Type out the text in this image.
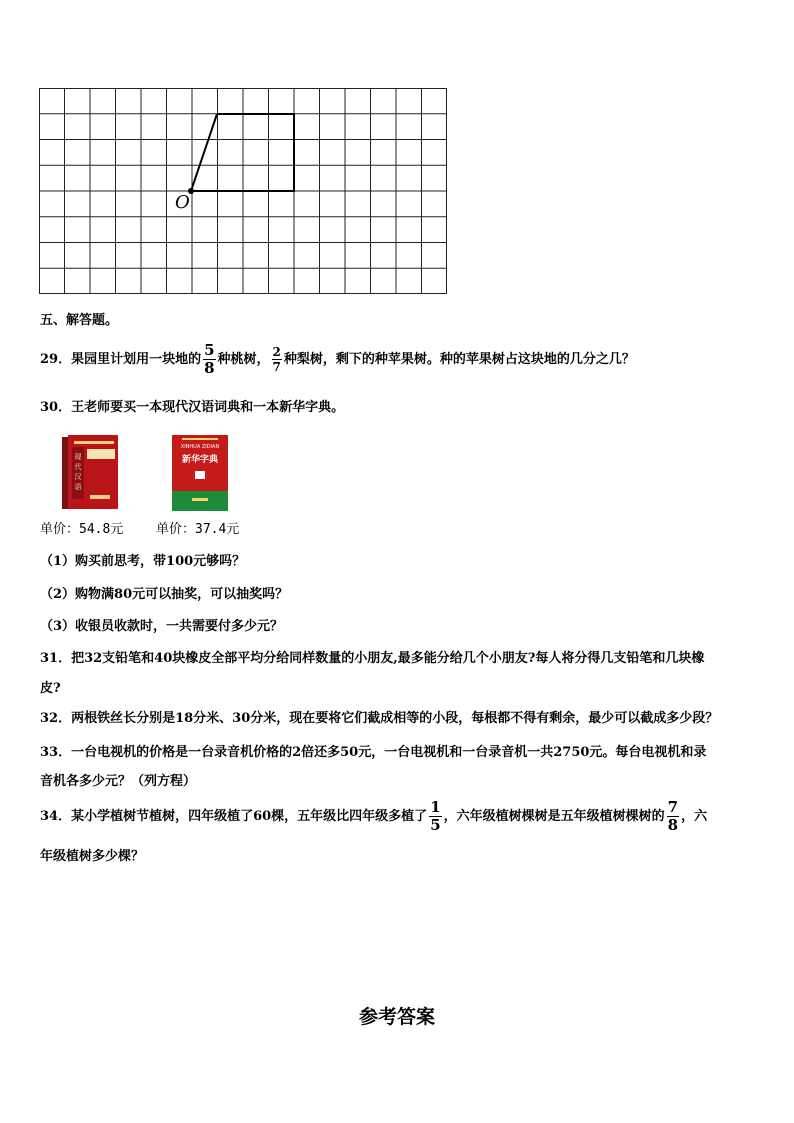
O
五、解答题。
29．果园里计划用一块地的 $\frac{5}{8}$ 种桃树， $\frac{2}{7}$ 种梨树，剩下的种苹果树。种的苹果树占这块地的几分之几？
30．王老师要买一本现代汉语词典和一本新华字典。
现
代
汉
语
XINHUA ZIDIAN
新华字典
单价：54.8元	单价：37.4元
（1）购买前思考，带100元够吗？
（2）购物满80元可以抽奖，可以抽奖吗？
（3）收银员收款时，一共需要付多少元？
31．把32支铅笔和40块橡皮全部平均分给同样数量的小朋友,最多能分给几个小朋友?每人将分得几支铅笔和几块橡
皮?
32．两根铁丝长分别是18分米、30分米，现在要将它们截成相等的小段，每根都不得有剩余，最少可以截成多少段？
33．一台电视机的价格是一台录音机价格的2倍还多50元，一台电视机和一台录音机一共2750元。每台电视机和录
音机各多少元？（列方程）
34．某小学植树节植树，四年级植了60棵，五年级比四年级多植了 $\frac{1}{5}$ ，六年级植树棵树是五年级植树棵树的 $\frac{7}{8}$ ，六
年级植树多少棵？
参考答案
